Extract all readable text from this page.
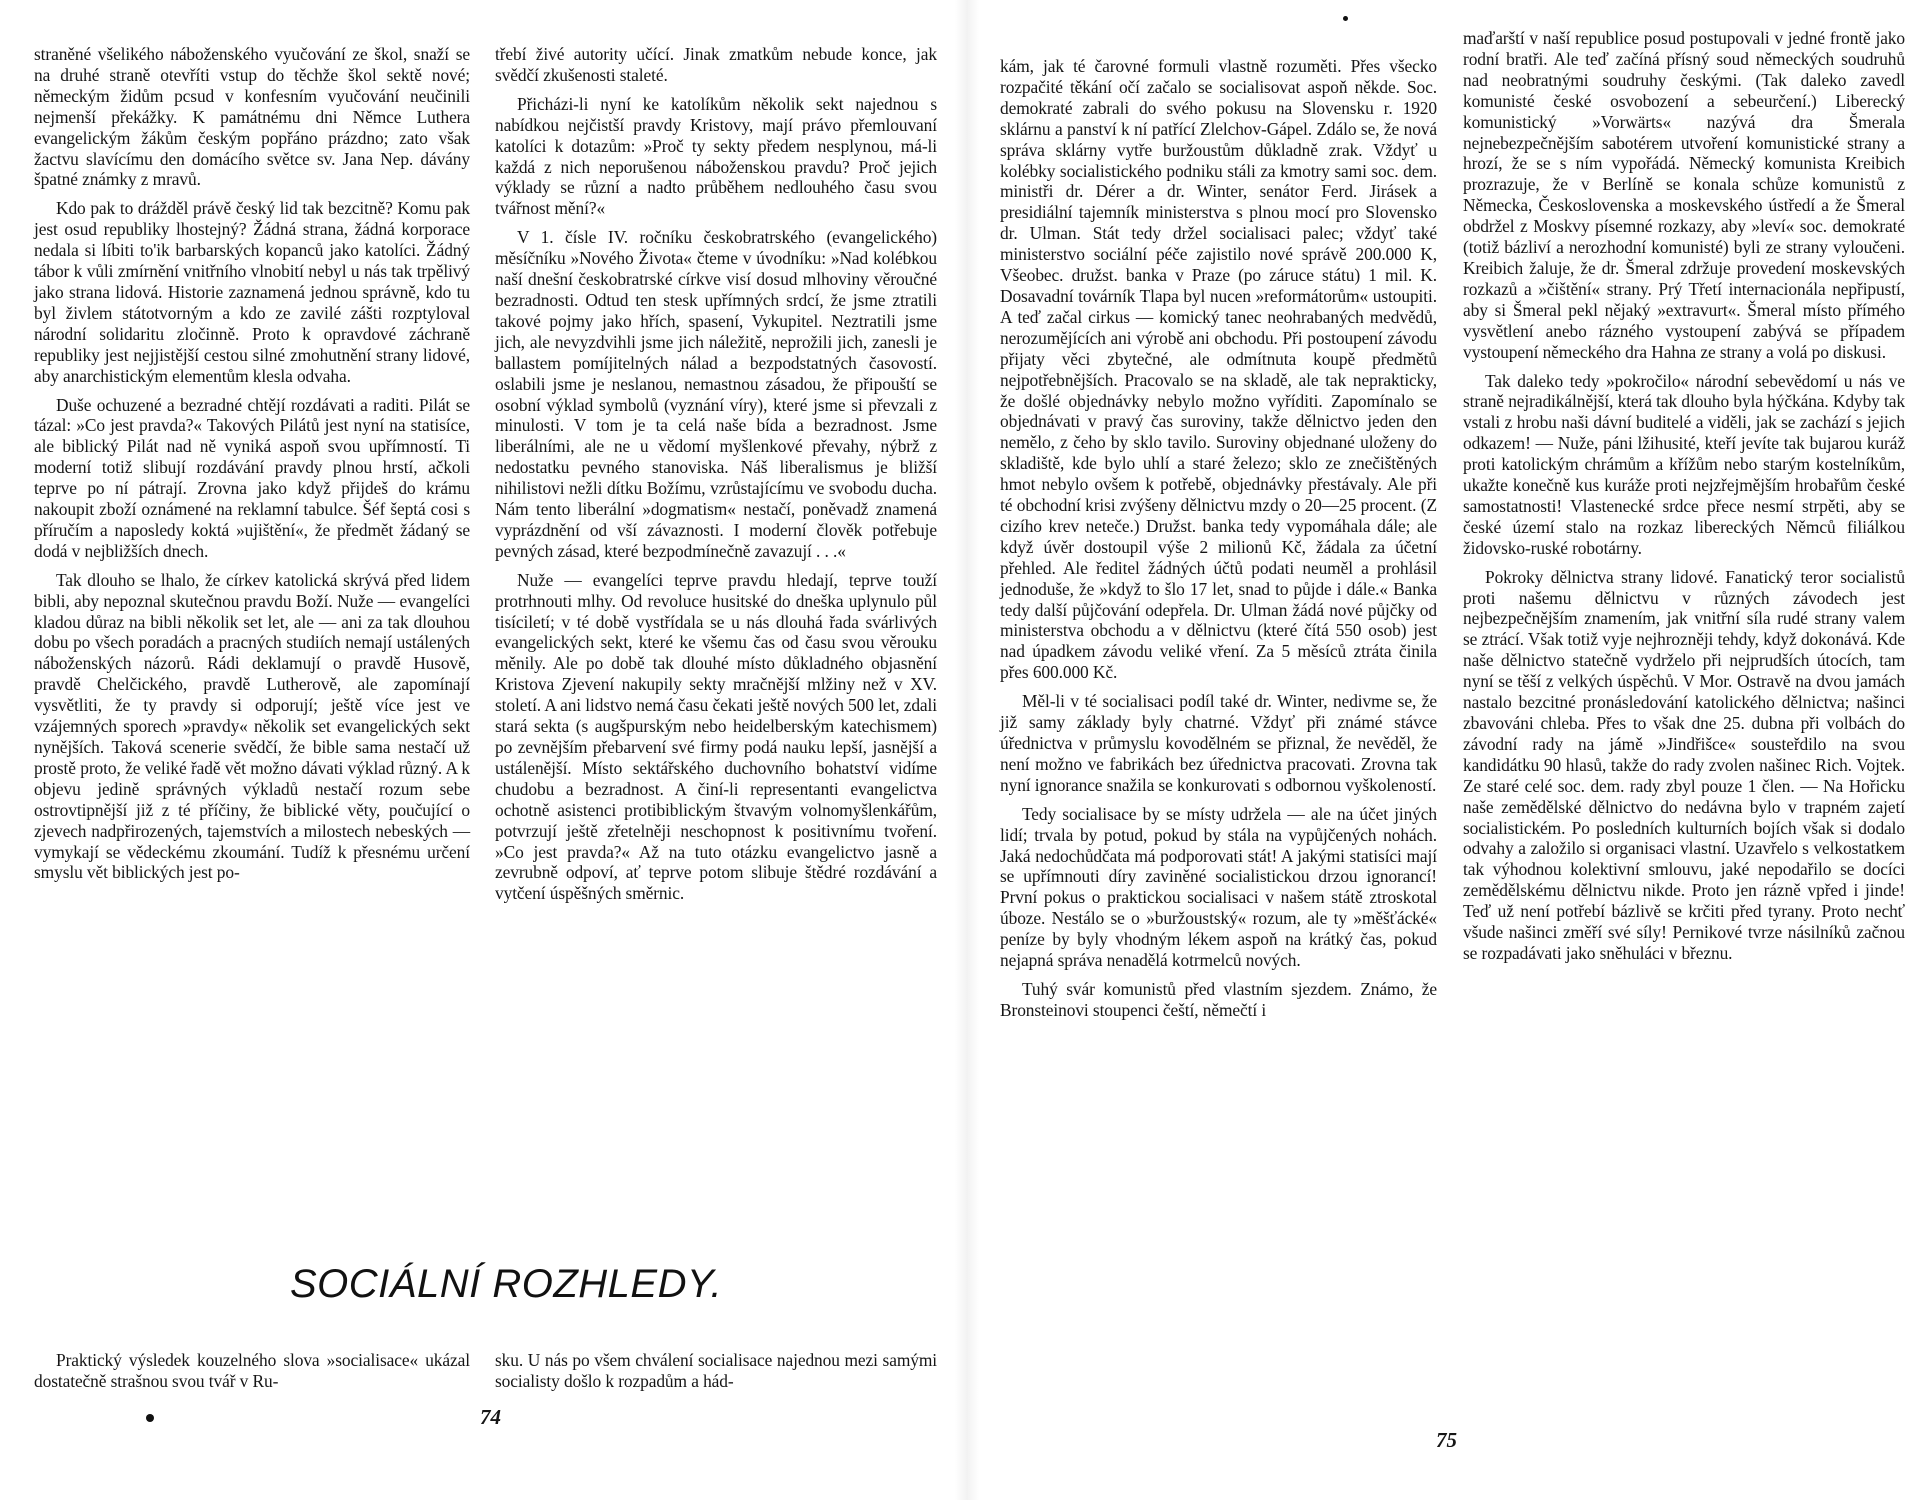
straněné všelikého náboženského vyučování ze škol, snaží se na druhé straně otevříti vstup do těchže škol sektě nové; německým židům pcsud v konfesním vyučování neučinili nejmenší překážky. K památnému dni Němce Luthera evangelickým žákům českým popřáno prázdno; zato však žactvu slavícímu den domácího světce sv. Jana Nep. dávány špatné známky z mravů.

Kdo pak to drážděl právě český lid tak bezcitně? Komu pak jest osud republiky lhostejný? Žádná strana, žádná korporace nedala si líbiti to'ik barbarských kopanců jako katolíci. Žádný tábor k vůli zmírnění vnitřního vlnobití nebyl u nás tak trpělivý jako strana lidová. Historie zaznamená jednou správně, kdo tu byl živlem státotvorným a kdo ze zavilé zášti rozptyloval národní solidaritu zločinně. Proto k opravdové záchraně republiky jest nejjistější cestou silné zmohutnění strany lidové, aby anarchistickým elementům klesla odvaha.

Duše ochuzené a bezradné chtějí rozdávati a raditi. Pilát se tázal: »Co jest pravda?« Takových Pilátů jest nyní na statisíce, ale biblický Pilát nad ně vyniká aspoň svou upřímností. Ti moderní totiž slibují rozdávání pravdy plnou hrstí, ačkoli teprve po ní pátrají. Zrovna jako když přijdeš do krámu nakoupit zboží oznámené na reklamní tabulce. Šéf šeptá cosi s příručím a naposledy koktá »ujištění«, že předmět žádaný se dodá v nejbližších dnech.

Tak dlouho se lhalo, že církev katolická skrývá před lidem bibli, aby nepoznal skutečnou pravdu Boží. Nuže — evangelíci kladou důraz na bibli několik set let, ale — ani za tak dlouhou dobu po všech poradách a pracných studiích nemají ustálených náboženských názorů. Rádi deklamují o pravdě Husově, pravdě Chelčického, pravdě Lutherově, ale zapomínají vysvětliti, že ty pravdy si odporují; ještě více jest ve vzájemných sporech »pravdy« několik set evangelických sekt nynějších. Taková scenerie svědčí, že bible sama nestačí už prostě proto, že veliké řadě vět možno dávati výklad různý. A k objevu jedině správných výkladů nestačí rozum sebe ostrovtipnější již z té příčiny, že biblické věty, poučující o zjevech nadpřirozených, tajemstvích a milostech nebeských — vymykají se vědeckému zkoumání. Tudíž k přesnému určení smyslu vět biblických jest po-

třebí živé autority učící. Jinak zmatkům nebude konce, jak svědčí zkušenosti staleté.

Přicházi-li nyní ke katolíkům několik sekt najednou s nabídkou nejčistší pravdy Kristovy, mají právo přemlouvaní katolíci k dotazům: »Proč ty sekty předem nesplynou, má-li každá z nich neporušenou náboženskou pravdu? Proč jejich výklady se různí a nadto průběhem nedlouhého času svou tvářnost mění?«

V 1. čísle IV. ročníku českobratrského (evangelického) měsíčníku »Nového Života« čteme v úvodníku: »Nad kolébkou naší dnešní českobratrské církve visí dosud mlhoviny věroučné bezradnosti. Odtud ten stesk upřímných srdcí, že jsme ztratili takové pojmy jako hřích, spasení, Vykupitel. Neztratili jsme jich, ale nevyzdvihli jsme jich náležitě, neprožili jich, zanesli je ballastem pomíjitelných nálad a bezpodstatných časovostí. oslabili jsme je neslanou, nemastnou zásadou, že připouští se osobní výklad symbolů (vyznání víry), které jsme si převzali z minulosti. V tom je ta celá naše bída a bezradnost. Jsme liberálními, ale ne u vědomí myšlenkové převahy, nýbrž z nedostatku pevného stanoviska. Náš liberalismus je bližší nihilistovi nežli dítku Božímu, vzrůstajícímu ve svobodu ducha. Nám tento liberální »dogmatism« nestačí, poněvadž znamená vyprázdnění od vší závaznosti. I moderní člověk potřebuje pevných zásad, které bezpodmínečně zavazují . . .«

Nuže — evangelíci teprve pravdu hledají, teprve touží protrhnouti mlhy. Od revoluce husitské do dneška uplynulo půl tisíciletí; v té době vystřídala se u nás dlouhá řada svárlivých evangelických sekt, které ke všemu čas od času svou věrouku měnily. Ale po době tak dlouhé místo důkladného objasnění Kristova Zjevení nakupily sekty mračnější mlžiny než v XV. století. A ani lidstvo nemá času čekati ještě nových 500 let, zdali stará sekta (s augšpurským nebo heidelberským katechismem) po zevnějším přebarvení své firmy podá nauku lepší, jasnější a ustálenější. Místo sektářského duchovního bohatství vidíme chudobu a bezradnost. A činí-li representanti evangelictva ochotně asistenci protibiblickým štvavým volnomyšlenkářům, potvrzují ještě zřetelněji neschopnost k positivnímu tvoření. »Co jest pravda?« Až na tuto otázku evangelictvo jasně a zevrubně odpoví, ať teprve potom slibuje štědré rozdávání a vytčení úspěšných směrnic.

SOCIÁLNÍ ROZHLEDY.

Praktický výsledek kouzelného slova »socialisace« ukázal dostatečně strašnou svou tvář v Ru-

sku. U nás po všem chválení socialisace najednou mezi samými socialisty došlo k rozpadům a hád-

74

kám, jak té čarovné formuli vlastně rozuměti. Přes všecko rozpačité těkání očí začalo se socialisovat aspoň někde. Soc. demokraté zabrali do svého pokusu na Slovensku r. 1920 sklárnu a panství k ní patřící Zlelchov-Gápel. Zdálo se, že nová správa sklárny vytře buržoustům důkladně zrak. Vždyť u kolébky socialistického podniku stáli za kmotry sami soc. dem. ministři dr. Dérer a dr. Winter, senátor Ferd. Jirásek a presidiální tajemník ministerstva s plnou mocí pro Slovensko dr. Ulman. Stát tedy držel socialisaci palec; vždyť také ministerstvo sociální péče zajistilo nové správě 200.000 K, Všeobec. družst. banka v Praze (po záruce státu) 1 mil. K. Dosavadní továrník Tlapa byl nucen »reformátorům« ustoupiti. A teď začal cirkus — komický tanec neohrabaných medvědů, nerozumějících ani výrobě ani obchodu. Při postoupení závodu přijaty věci zbytečné, ale odmítnuta koupě předmětů nejpotřebnějších. Pracovalo se na skladě, ale tak neprakticky, že došlé objednávky nebylo možno vyříditi. Zapomínalo se objednávati v pravý čas suroviny, takže dělnictvo jeden den nemělo, z čeho by sklo tavilo. Suroviny objednané uloženy do skladiště, kde bylo uhlí a staré železo; sklo ze znečištěných hmot nebylo ovšem k potřebě, objednávky přestávaly. Ale při té obchodní krisi zvýšeny dělnictvu mzdy o 20—25 procent. (Z cizího krev neteče.) Družst. banka tedy vypomáhala dále; ale když úvěr dostoupil výše 2 milionů Kč, žádala za účetní přehled. Ale ředitel žádných účtů podati neuměl a prohlásil jednoduše, že »když to šlo 17 let, snad to půjde i dále.« Banka tedy další půjčování odepřela. Dr. Ulman žádá nové půjčky od ministerstva obchodu a v dělnictvu (které čítá 550 osob) jest nad úpadkem závodu veliké vření. Za 5 měsíců ztráta činila přes 600.000 Kč.

Měl-li v té socialisaci podíl také dr. Winter, nedivme se, že již samy základy byly chatrné. Vždyť při známé stávce úřednictva v průmyslu kovodělném se přiznal, že nevěděl, že není možno ve fabrikách bez úřednictva pracovati. Zrovna tak nyní ignorance snažila se konkurovati s odbornou vyškoleností.

Tedy socialisace by se místy udržela — ale na účet jiných lidí; trvala by potud, pokud by stála na vypůjčených nohách. Jaká nedochůdčata má podporovati stát! A jakými statisíci mají se upřímnouti díry zaviněné socialistickou drzou ignorancí! První pokus o praktickou socialisaci v našem státě ztroskotal úboze. Nestálo se o »buržoustský« rozum, ale ty »měšťácké« peníze by byly vhodným lékem aspoň na krátký čas, pokud nejapná správa nenadělá kotrmelců nových.

Tuhý svár komunistů před vlastním sjezdem. Známo, že Bronsteinovi stoupenci čeští, němečtí i

maďarští v naší republice posud postupovali v jedné frontě jako rodní bratři. Ale teď začíná přísný soud německých soudruhů nad neobratnými soudruhy českými. (Tak daleko zavedl komunisté české osvobození a sebeurčení.) Liberecký komunistický »Vorwärts« nazývá dra Šmerala nejnebezpečnějším sabotérem utvoření komunistické strany a hrozí, že se s ním vypořádá. Německý komunista Kreibich prozrazuje, že v Berlíně se konala schůze komunistů z Německa, Československa a moskevského ústředí a že Šmeral obdržel z Moskvy písemné rozkazy, aby »leví« soc. demokraté (totiž bázliví a nerozhodní komunisté) byli ze strany vyloučeni. Kreibich žaluje, že dr. Šmeral zdržuje provedení moskevských rozkazů a »čištění« strany. Prý Třetí internacionála nepřipustí, aby si Šmeral pekl nějaký »extravurt«. Šmeral místo přímého vysvětlení anebo rázného vystoupení zabývá se případem vystoupení německého dra Hahna ze strany a volá po diskusi.

Tak daleko tedy »pokročilo« národní sebevědomí u nás ve straně nejradikálnější, která tak dlouho byla hýčkána. Kdyby tak vstali z hrobu naši dávní buditelé a viděli, jak se zachází s jejich odkazem! — Nuže, páni lžihusité, kteří jevíte tak bujarou kuráž proti katolickým chrámům a křížům nebo starým kostelníkům, ukažte konečně kus kuráže proti nejzřejmějším hrobařům české samostatnosti! Vlastenecké srdce přece nesmí strpěti, aby se české území stalo na rozkaz libereckých Němců filiálkou židovsko-ruské robotárny.

Pokroky dělnictva strany lidové. Fanatický teror socialistů proti našemu dělnictvu v různých závodech jest nejbezpečnějším znamením, jak vnitřní síla rudé strany valem se ztrácí. Však totiž vyje nejhrozněji tehdy, když dokonává. Kde naše dělnictvo statečně vydrželo při nejprudších útocích, tam nyní se těší z velkých úspěchů. V Mor. Ostravě na dvou jamách nastalo bezcitné pronásledování katolického dělnictva; našinci zbavováni chleba. Přes to však dne 25. dubna při volbách do závodní rady na jámě »Jindřišce« sousteřdilo na svou kandidátku 90 hlasů, takže do rady zvolen našinec Rich. Vojtek. Ze staré celé soc. dem. rady zbyl pouze 1 člen. — Na Hořicku naše zemědělské dělnictvo do nedávna bylo v trapném zajetí socialistickém. Po posledních kulturních bojích však si dodalo odvahy a založilo si organisaci vlastní. Uzavřelo s velkostatkem tak výhodnou kolektivní smlouvu, jaké nepodařilo se docíci zemědělskému dělnictvu nikde. Proto jen rázně vpřed i jinde! Teď už není potřebí bázlivě se krčiti před tyrany. Proto nechť všude našinci změří své síly! Pernikové tvrze násilníků začnou se rozpadávati jako sněhuláci v březnu.

75
